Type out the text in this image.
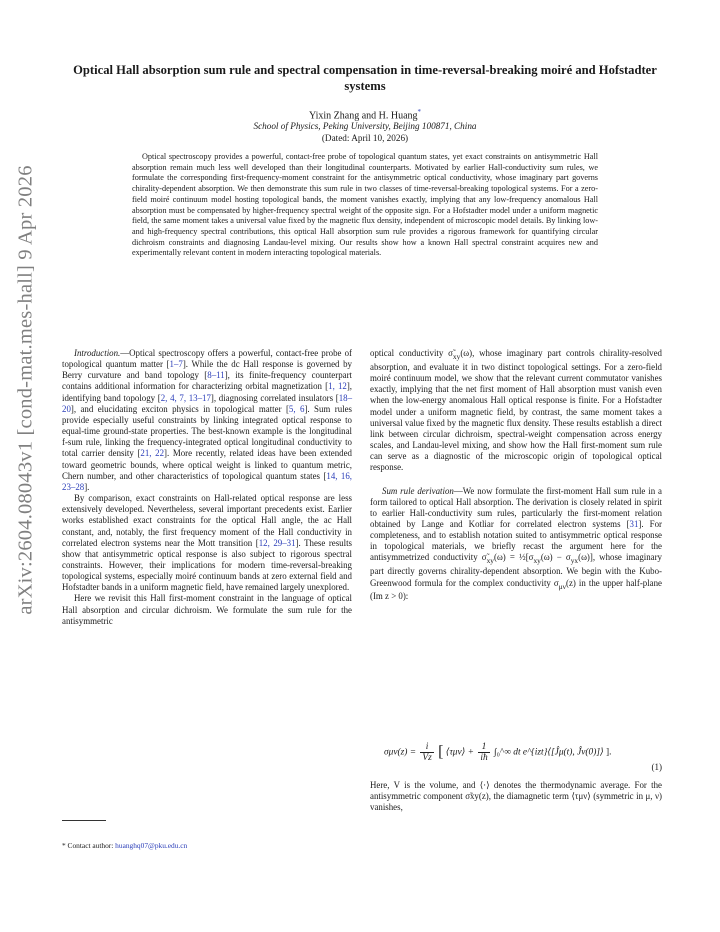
arXiv:2604.08043v1 [cond-mat.mes-hall] 9 Apr 2026
Optical Hall absorption sum rule and spectral compensation in time-reversal-breaking moiré and Hofstadter systems
Yixin Zhang and H. Huang*
School of Physics, Peking University, Beijing 100871, China
(Dated: April 10, 2026)

Optical spectroscopy provides a powerful, contact-free probe of topological quantum states, yet exact constraints on antisymmetric Hall absorption remain much less well developed than their longitudinal counterparts. Motivated by earlier Hall-conductivity sum rules, we formulate the corresponding first-frequency-moment constraint for the antisymmetric optical conductivity, whose imaginary part governs chirality-dependent absorption. We then demonstrate this sum rule in two classes of time-reversal-breaking topological systems. For a zero-field moiré continuum model hosting topological bands, the moment vanishes exactly, implying that any low-frequency anomalous Hall absorption must be compensated by higher-frequency spectral weight of the opposite sign. For a Hofstadter model under a uniform magnetic field, the same moment takes a universal value fixed by the magnetic flux density, independent of microscopic model details. By linking low- and high-frequency spectral contributions, this optical Hall absorption sum rule provides a rigorous framework for quantifying circular dichroism constraints and diagnosing Landau-level mixing. Our results show how a known Hall spectral constraint acquires new and experimentally relevant content in modern interacting topological materials.

Introduction.—Optical spectroscopy offers a powerful, contact-free probe of topological quantum matter [1–7]. While the dc Hall response is governed by Berry curvature and band topology [8–11], its finite-frequency counterpart contains additional information for characterizing orbital magnetization [1, 12], identifying band topology [2, 4, 7, 13–17], diagnosing correlated insulators [18–20], and elucidating exciton physics in topological matter [5, 6]. Sum rules provide especially useful constraints by linking integrated optical response to equal-time ground-state properties. The best-known example is the longitudinal f-sum rule, linking the frequency-integrated optical longitudinal conductivity to total carrier density [21, 22]. More recently, related ideas have been extended toward geometric bounds, where optical weight is linked to quantum metric, Chern number, and other characteristics of topological quantum states [14, 16, 23–28].

By comparison, exact constraints on Hall-related optical response are less extensively developed. Nevertheless, several important precedents exist. Earlier works established exact constraints for the optical Hall angle, the ac Hall constant, and, notably, the first frequency moment of the Hall conductivity in correlated electron systems near the Mott transition [12, 29–31]. These results show that antisymmetric optical response is also subject to rigorous spectral constraints. However, their implications for modern time-reversal-breaking topological systems, especially moiré continuum bands at zero external field and Hofstadter bands in a uniform magnetic field, have remained largely unexplored.

Here we revisit this Hall first-moment constraint in the language of optical Hall absorption and circular dichroism. We formulate the sum rule for the antisymmetric

optical conductivity $\sigmã_{xy}(\omega)$, whose imaginary part controls chirality-resolved absorption, and evaluate it in two distinct topological settings. For a zero-field moiré continuum model, we show that the relevant current commutator vanishes exactly, implying that the net first moment of Hall absorption must vanish even when the low-energy anomalous Hall optical response is finite. For a Hofstadter model under a uniform magnetic field, by contrast, the same moment takes a universal value fixed by the magnetic flux density. These results establish a direct link between circular dichroism, spectral-weight compensation across energy scales, and Landau-level mixing, and show how the Hall first-moment sum rule can serve as a diagnostic of the microscopic origin of topological optical response.

Sum rule derivation—We now formulate the first-moment Hall sum rule in a form tailored to optical Hall absorption. The derivation is closely related in spirit to earlier Hall-conductivity sum rules, particularly the first-moment relation obtained by Lange and Kotliar for correlated electron systems [31]. For completeness, and to establish notation suited to antisymmetric optical response in topological materials, we briefly recast the argument here for the antisymmetrized conductivity $\sigmã_{xy}(\omega)$ = $\frac{1}{2}[\sigma_{xy}(\omega) - \sigma_{yx}(\omega)]$, whose imaginary part directly governs chirality-dependent absorption. We begin with the Kubo-Greenwood formula for the complex conductivity $\sigma_{\mu\nu}(z)$ in the upper half-plane (Im z > 0):

$\sigma\mu\nu(z) = \frac{i}{Vz}$ [ ⟨τμν⟩ + $\frac{1}{iħ}$ ∫₀^∞ dt e^{izt}⟨[Ĵμ(t), Ĵν(0)]⟩ ].
(1)

Here, V is the volume, and ⟨·⟩ denotes the thermodynamic average. For the antisymmetric component σ̃xy(z), the diamagnetic term ⟨τμν⟩ (symmetric in μ, ν) vanishes,

* Contact author: huanghq07@pku.edu.cn
